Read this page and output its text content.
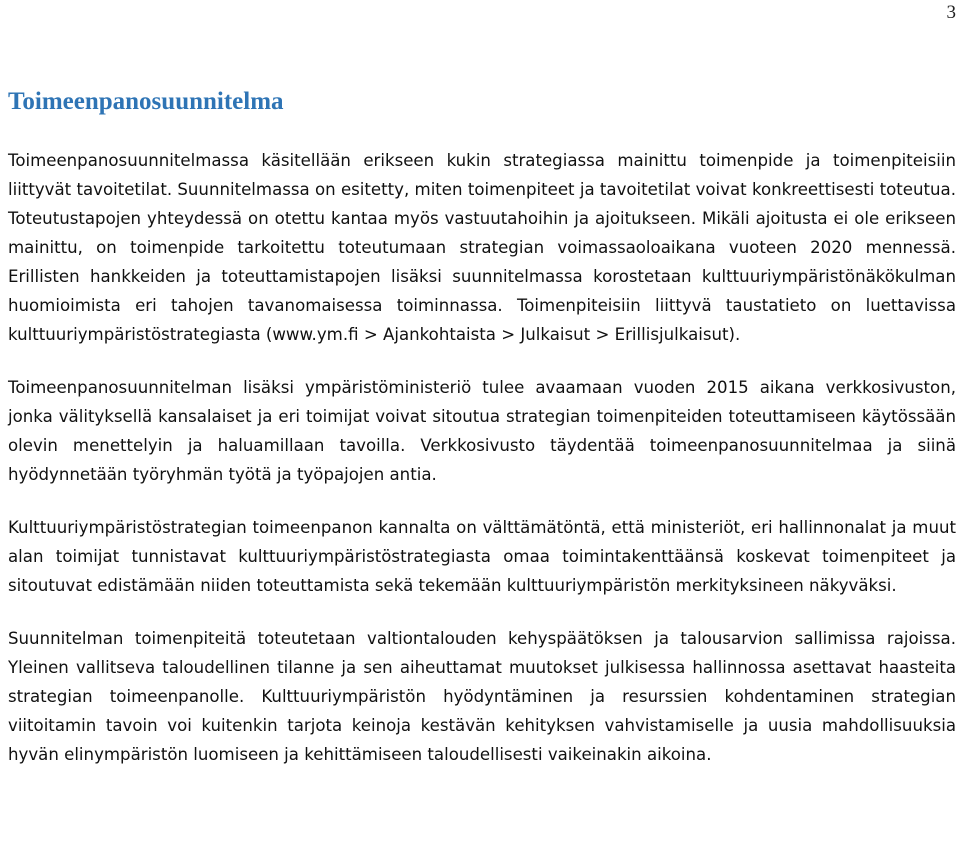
3
Toimeenpanosuunnitelma

Toimeenpanosuunnitelmassa käsitellään erikseen kukin strategiassa mainittu toimenpide ja toimenpiteisiin liittyvät tavoitetilat. Suunnitelmassa on esitetty, miten toimenpiteet ja tavoitetilat voivat konkreettisesti toteutua. Toteutustapojen yhteydessä on otettu kantaa myös vastuutahoihin ja ajoitukseen. Mikäli ajoitusta ei ole erikseen mainittu, on toimenpide tarkoitettu toteutumaan strategian voimassaoloaikana vuoteen 2020 mennessä. Erillisten hankkeiden ja toteuttamistapojen lisäksi suunnitelmassa korostetaan kulttuuriympäristönäkökulman huomioimista eri tahojen tavanomaisessa toiminnassa. Toimenpiteisiin liittyvä taustatieto on luettavissa kulttuuriympäristöstrategiasta (www.ym.fi > Ajankohtaista > Julkaisut > Erillisjulkaisut).

Toimeenpanosuunnitelman lisäksi ympäristöministeriö tulee avaamaan vuoden 2015 aikana verkkosivuston, jonka välityksellä kansalaiset ja eri toimijat voivat sitoutua strategian toimenpiteiden toteuttamiseen käytössään olevin menettelyin ja haluamillaan tavoilla. Verkkosivusto täydentää toimeenpanosuunnitelmaa ja siinä hyödynnetään työryhmän työtä ja työpajojen antia.

Kulttuuriympäristöstrategian toimeenpanon kannalta on välttämätöntä, että ministeriöt, eri hallinnonalat ja muut alan toimijat tunnistavat kulttuuriympäristöstrategiasta omaa toimintakenttäänsä koskevat toimenpiteet ja sitoutuvat edistämään niiden toteuttamista sekä tekemään kulttuuriympäristön merkityksineen näkyväksi.

Suunnitelman toimenpiteitä toteutetaan valtiontalouden kehyspäätöksen ja talousarvion sallimissa rajoissa. Yleinen vallitseva taloudellinen tilanne ja sen aiheuttamat muutokset julkisessa hallinnossa asettavat haasteita strategian toimeenpanolle. Kulttuuriympäristön hyödyntäminen ja resurssien kohdentaminen strategian viitoitamin tavoin voi kuitenkin tarjota keinoja kestävän kehityksen vahvistamiselle ja uusia mahdollisuuksia hyvän elinympäristön luomiseen ja kehittämiseen taloudellisesti vaikeinakin aikoina.
